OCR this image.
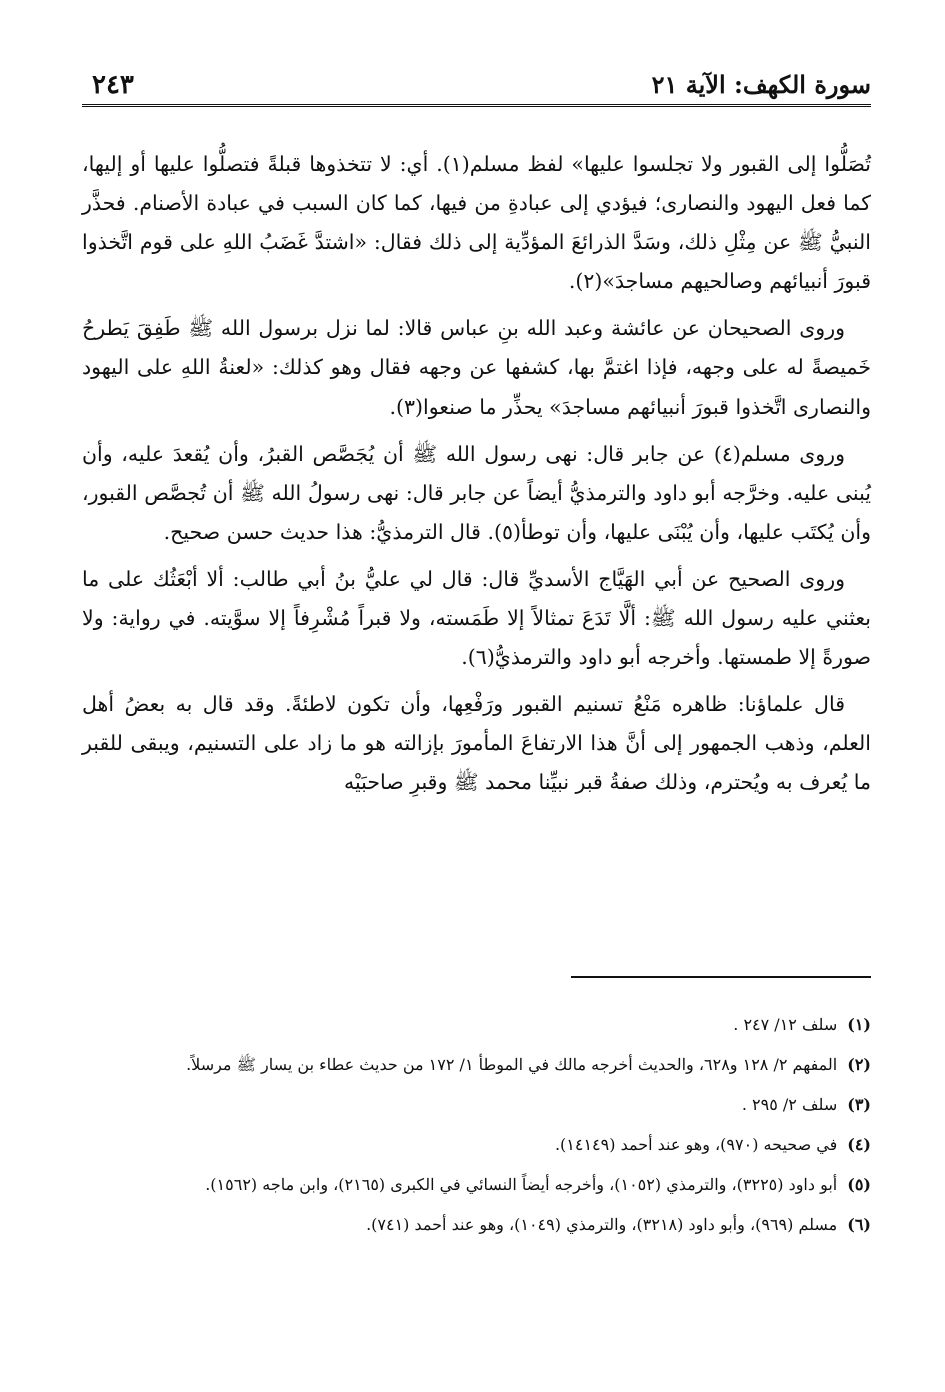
سورة الكهف: الآية ٢١
٢٤٣

تُصَلُّوا إلى القبور ولا تجلسوا عليها» لفظ مسلم(١). أي: لا تتخذوها قبلةً فتصلُّوا عليها أو إليها، كما فعل اليهود والنصارى؛ فيؤدي إلى عبادةِ من فيها، كما كان السبب في عبادة الأصنام. فحذَّر النبيُّ ﷺ عن مِثْلِ ذلك، وسَدَّ الذرائعَ المؤدِّية إلى ذلك فقال: «اشتدَّ غَضَبُ اللهِ على قوم اتَّخذوا قبورَ أنبيائهم وصالحيهم مساجدَ»(٢).

وروى الصحيحان عن عائشة وعبد الله بنِ عباس قالا: لما نزل برسول الله ﷺ طَفِقَ يَطرحُ خَميصةً له على وجهه، فإذا اغتمَّ بها، كشفها عن وجهه فقال وهو كذلك: «لعنةُ اللهِ على اليهود والنصارى اتَّخذوا قبورَ أنبيائهم مساجدَ» يحذِّر ما صنعوا(٣).

وروى مسلم(٤) عن جابر قال: نهى رسول الله ﷺ أن يُجَصَّص القبرُ، وأن يُقعدَ عليه، وأن يُبنى عليه. وخرَّجه أبو داود والترمذيُّ أيضاً عن جابر قال: نهى رسولُ الله ﷺ أن تُجصَّص القبور، وأن يُكتَب عليها، وأن يُبْنَى عليها، وأن توطأ(٥). قال الترمذيُّ: هذا حديث حسن صحيح.

وروى الصحيح عن أبي الهَيَّاج الأسديِّ قال: قال لي عليُّ بنُ أبي طالب: ألا أبْعَثُك على ما بعثني عليه رسول الله ﷺ: ألَّا تَدَعَ تمثالاً إلا طَمَسته، ولا قبراً مُشْرِفاً إلا سوَّيته. في رواية: ولا صورةً إلا طمستها. وأخرجه أبو داود والترمذيُّ(٦).

قال علماؤنا: ظاهره مَنْعُ تسنيم القبور ورَفْعِها، وأن تكون لاطئةً. وقد قال به بعضُ أهل العلم، وذهب الجمهور إلى أنَّ هذا الارتفاعَ المأمورَ بإزالته هو ما زاد على التسنيم، ويبقى للقبر ما يُعرف به ويُحترم، وذلك صفةُ قبر نبيِّنا محمد ﷺ وقبرِ صاحبَيْه

(١)
سلف ١٢/ ٢٤٧ .
(٢)
المفهم ٢/ ١٢٨ و٦٢٨، والحديث أخرجه مالك في الموطأ ١/ ١٧٢ من حديث عطاء بن يسار ﷺ مرسلاً.
(٣)
سلف ٢/ ٢٩٥ .
(٤)
في صحيحه (٩٧٠)، وهو عند أحمد (١٤١٤٩).
(٥)
أبو داود (٣٢٢٥)، والترمذي (١٠٥٢)، وأخرجه أيضاً النسائي في الكبرى (٢١٦٥)، وابن ماجه (١٥٦٢).
(٦)
مسلم (٩٦٩)، وأبو داود (٣٢١٨)، والترمذي (١٠٤٩)، وهو عند أحمد (٧٤١).
